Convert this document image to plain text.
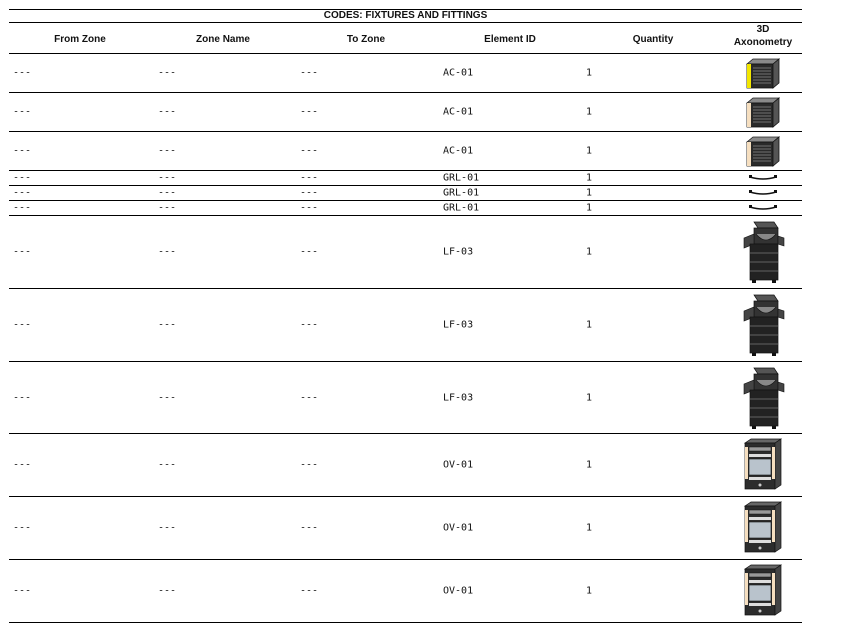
CODES: FIXTURES AND FITTINGS
From Zone	Zone Name	To Zone	Element ID	Quantity
3D
Axonometry
---	---	---	AC-01	1
---	---	---	AC-01	1
---	---	---	AC-01	1
---	---	---	GRL-01	1
---	---	---	GRL-01	1
---	---	---	GRL-01	1
---	---	---	LF-03	1
---	---	---	LF-03	1
---	---	---	LF-03	1
---	---	---	OV-01	1
---	---	---	OV-01	1
---	---	---	OV-01	1
